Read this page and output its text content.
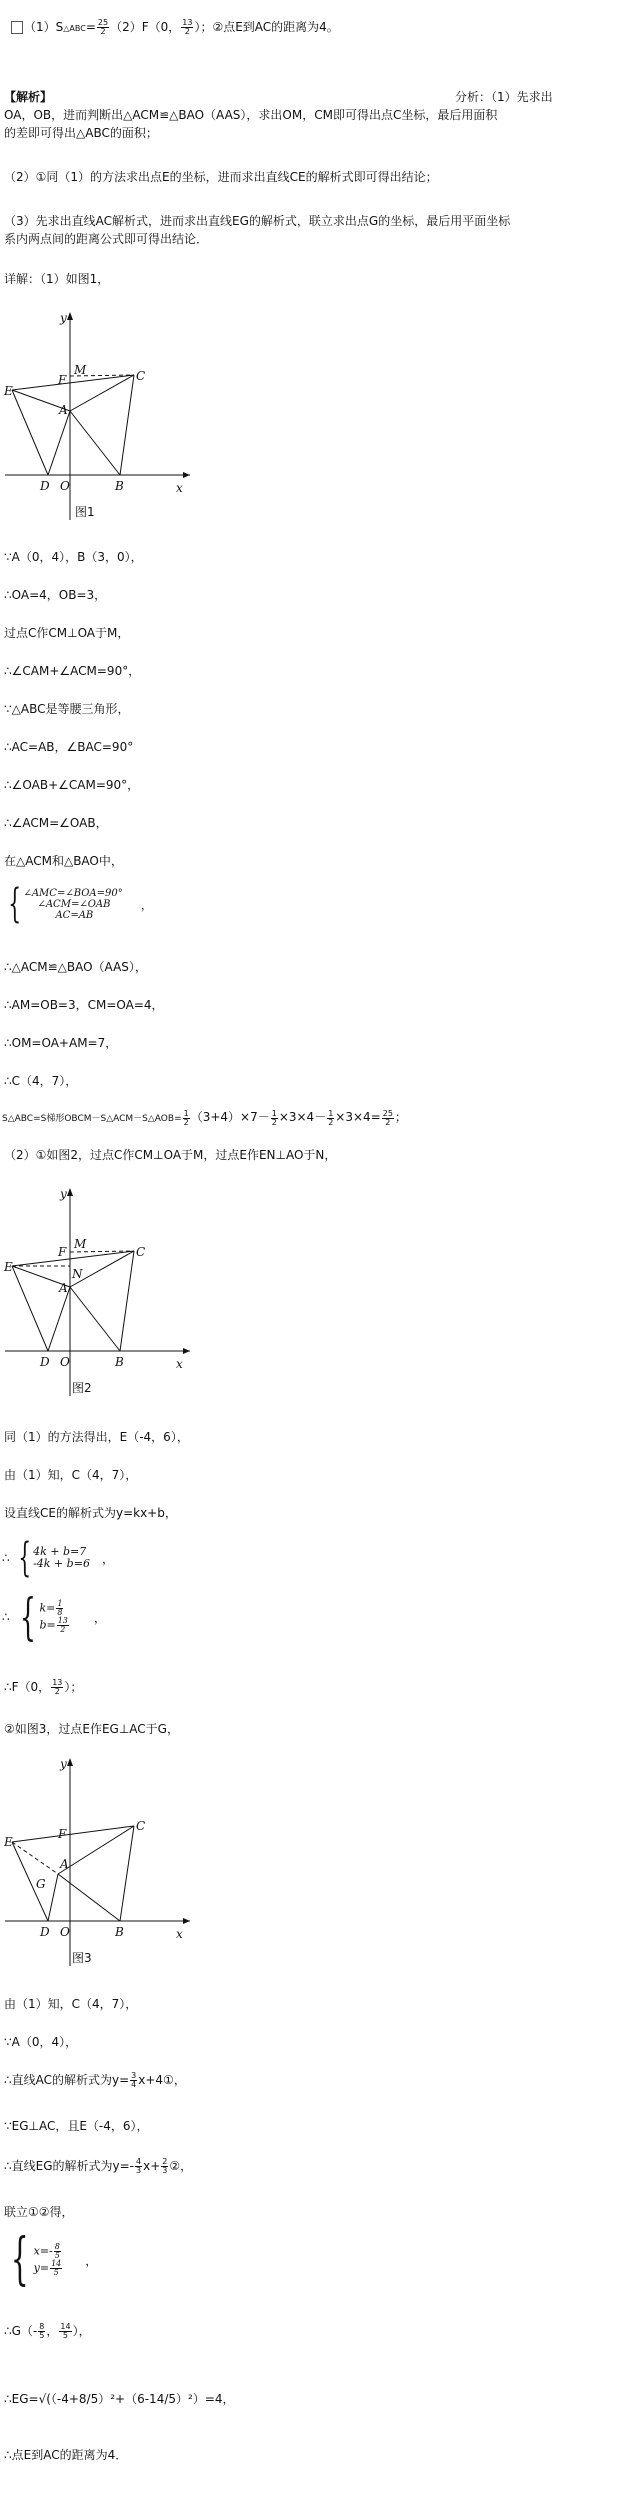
（1）S△ABC= $\frac{25}{2} (2)F(0$， $\frac{13}{2}$ ）；②点E到AC的距离为4。
【解析】	分析：（1）先求出
OA，OB，进而判断出△ACM≌△BAO（AAS），求出OM，CM即可得出点C坐标，最后用面积
的差即可得出△ABC的面积；
（2）①同（1）的方法求出点E的坐标，进而求出直线CE的解析式即可得出结论；
（3）先求出直线AC解析式，进而求出直线EG的解析式，联立求出点G的坐标，最后用平面坐标
系内两点间的距离公式即可得出结论．
详解：（1）如图1，
y
x
E
F
M	C
A
D O	B
图1
∵A（0，4），B（3，0），
∴OA=4，OB=3，
过点C作CM⊥OA于M，
∴∠CAM+∠ACM=90°，
∵△ABC是等腰三角形，
∴AC=AB，∠BAC=90°
∴∠OAB+∠CAM=90°，
∴∠ACM=∠OAB，
在△ACM和△BAO中，
{ ∠AMC=∠BOA=90°
∠ACM=∠OAB
AC=AB
，
∴△ACM≌△BAO（AAS），
∴AM=OB=3，CM=OA=4，
∴OM=OA+AM=7，
∴C（4，7），
S△ABC=S梯形OBCM－S△ACM－S△AOB= $\frac{1}{2} (3+4)\times 7- \frac{1}{2} \times 3\times 4- \frac{1}{2} \times 3\times 4= \frac{25}{2}$ ；
（2）①如图2，过点C作CM⊥OA于M，过点E作EN⊥AO于N，
y
x
E
F
M
C
N
A
D O	B
图2
同（1）的方法得出，E（-4，6），
由（1）知，C（4，7），
设直线CE的解析式为y=kx+b，
∴ { 4k + b=7
-4k + b=6 ，
∴ { $k= \frac{1}{8}$
$b= \frac{13}{2}$ ，
∴F（0， $\frac{13}{2}$ ）；
②如图3，过点E作EG⊥AC于G，
y
x
E
F
C
A
G
D O	B
图3
由（1）知，C（4，7），
∵A（0，4），
∴直线AC的解析式为$y= \frac{3}{4}$ x+4①，
∵EG⊥AC，且E（-4，6），
∴直线EG的解析式为$y=- \frac{4}{3} x+ \frac{2}{3}$ ②，
联立①②得，
{ $x=- \frac{8}{5}$
$y= \frac{14}{5}$ ，
∴G（- $\frac{8}{5}$ ， $\frac{14}{5}$ ），
∴EG=√(（-4+8/5）²+（6-14/5）²）=4，
∴点E到AC的距离为4．
